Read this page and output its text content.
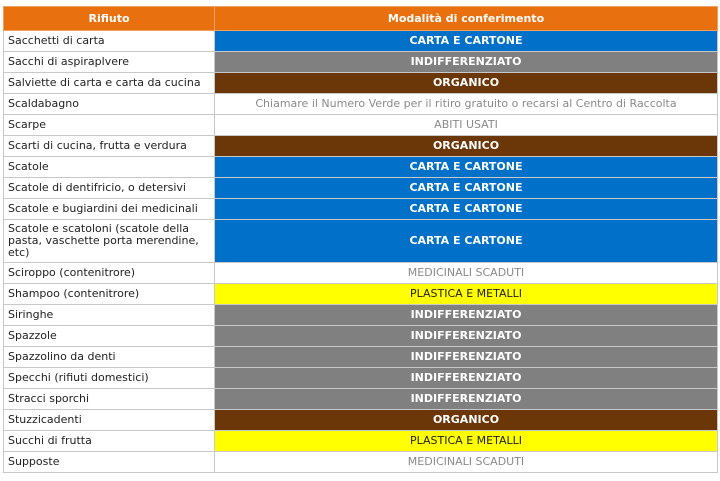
Rifiuto	Modalità di conferimento
Sacchetti di carta	CARTA E CARTONE
Sacchi di aspiraplvere	INDIFFERENZIATO
Salviette di carta e carta da cucina	ORGANICO
Scaldabagno	Chiamare il Numero Verde per il ritiro gratuito o recarsi al Centro di Raccolta
Scarpe	ABITI USATI
Scarti di cucina, frutta e verdura	ORGANICO
Scatole	CARTA E CARTONE
Scatole di dentifricio, o detersivi	CARTA E CARTONE
Scatole e bugiardini dei medicinali	CARTA E CARTONE
Scatole e scatoloni (scatole della pasta, vaschette porta merendine, etc)	CARTA E CARTONE
Sciroppo (contenitrore)	MEDICINALI SCADUTI
Shampoo (contenitrore)	PLASTICA E METALLI
Siringhe	INDIFFERENZIATO
Spazzole	INDIFFERENZIATO
Spazzolino da denti	INDIFFERENZIATO
Specchi (rifiuti domestici)	INDIFFERENZIATO
Stracci sporchi	INDIFFERENZIATO
Stuzzicadenti	ORGANICO
Succhi di frutta	PLASTICA E METALLI
Supposte	MEDICINALI SCADUTI
